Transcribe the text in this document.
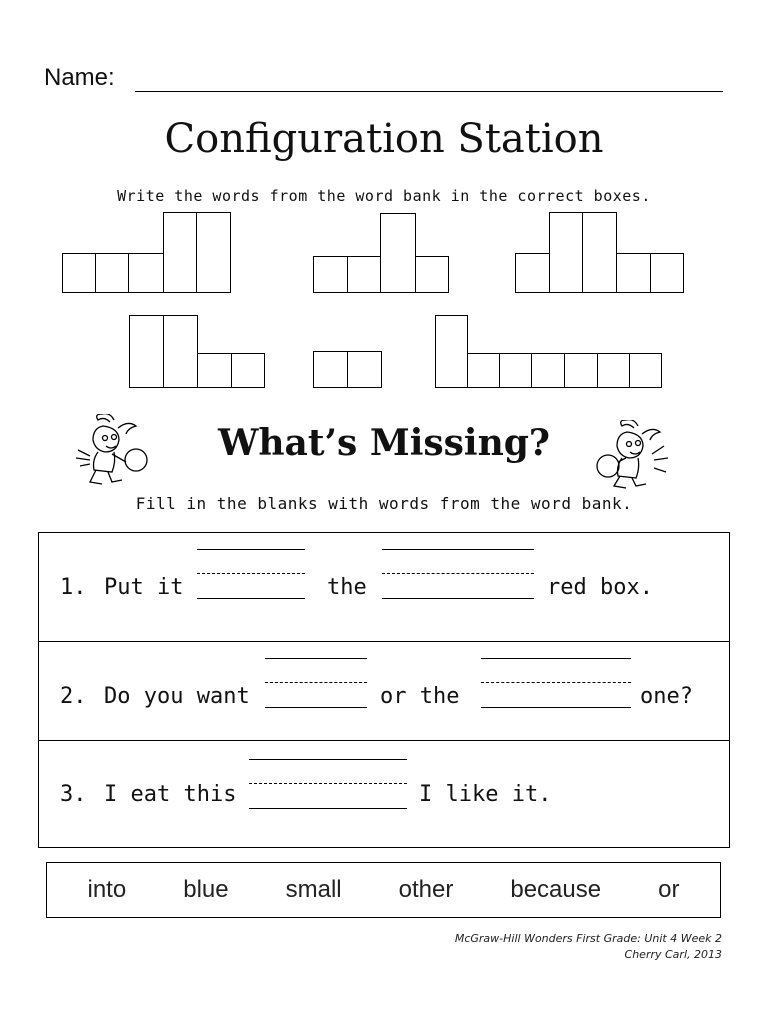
Name:
Configuration Station
Write the words from the word bank in the correct boxes.
What’s Missing?
Fill in the blanks with words from the word bank.
1. Put it	the	red box.
2. Do you want	or the	one?
3. I eat this	I like it.
into blue small other because or
McGraw-Hill Wonders First Grade: Unit 4 Week 2
Cherry Carl, 2013
